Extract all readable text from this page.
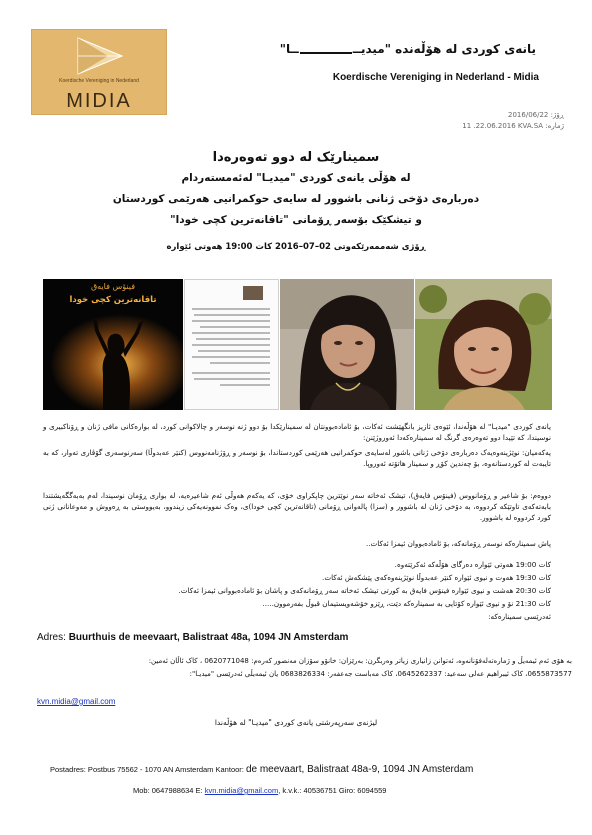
Koerdische Vereniging in Nederland
MIDIA
یانەی کوردی لە هۆڵەندە "میدیــــا"
Koerdische Vereniging in Nederland - Midia
2016/06/22 :ڕۆژ
11 .22.06.2016 KVA.SA :ژمارە
سمینارێک لە دوو تەوەرەدا
لە هۆڵی یانەی کوردی "میدیـا" لەئەمستەردام
دەربارەی دۆخی ژنانی باشوور لە سایەی حوکمرانیی هەرێمی کوردستان
و تیشکێک بۆسەر ڕۆمانی "تاقانەترین کچی خودا"
ڕۆژی شەممەرێکەوتی 02–07–2016 کات 19:00 ھەوتی ئێوارە
فینۆس فایەق
تاقانەترین کچی خودا

یانەی کوردی "میدیـا" لە هۆڵەندا، ئێوەی ئازیز بانگهێشت ئەکات، بۆ ئامادەبوونتان لە سمینارێکدا بۆ دوو ژنە نوسەر و چالاکوانی کورد، لە بوارەکانی مافی ژنان و ڕۆناکبیری و نوسیندا، کە تێیدا دوو تەوەرەی گرنگ لە سمینارەکەدا ئەوروژێنن:

یەکەمیان: نوێژینەوەیەک دەربارەی دۆخی ژنانی باشور لەسایەی حوکمرانیی هەرێمی کوردستاندا، بۆ نوسەر و ڕۆژنامەنووس (کنێر عەبدوڵا) سەرنوسەری گۆڤاری تەوار، کە بە تایبەت لە کوردستانەوە، بۆ چەندین کۆڕ و سمینار هاتۆتە ئەوروپا.

دووەم: بۆ شاعیر و ڕۆمانووس (فینۆس فایەق)، تیشک ئەخاتە سەر نوێترین چاپکراوی خۆی، کە یەکەم هەوڵی ئەم شاعیرەیە، لە بواری ڕۆمان نوسیندا، لەم بەبەگگەیشتندا بابەتەکەی تاوتێکە کردووە، بە دۆخی ژنان لە باشوور و (سزا) پالەوانی ڕۆمانی (تاقانەترین کچی خودا)ی، وەک نموونەیەکی زیندوو، بەیووستی بە ڕەووش و مەوعانانی ژنی کورد کردووە لە باشوور.

پاش سمینارەکە نوسەر ڕۆمانەکە، بۆ ئامادەبووان ئیمزا ئەکات..
کات 19:00 ھەوتی ئێوارە دەرگای هۆڵەکە ئەکرێتەوە.
کات 19:30 ھەوت و نیوی ئێوارە کنێر عەبدوڵا نوێژینەوەکەی پێشکەش ئەکات.
کات 20:30 هەشت و نیوی ئێوارە فینۆس فایەق بە کورتی تیشک ئەخاتە سەر ڕۆمانەکەی و پاشان بۆ ئامادەبووانی ئیمزا ئەکات.
کات 21:30 نۆ و نیوی ئێوارە کۆتایی بە سمینارەکە دێت، ڕێزو خۆشەویستیمان قبوڵ بفەرموون.....
ئەدرێسی سمینارەکە:
Adres: Buurthuis de meevaart, Balistraat 48a, 1094 JN Amsterdam
بە هۆی ئەم ئیمەیڵ و ژمارەتەلەفۆنانەوە، ئەتوانن زانیاری زیاتر وەربگرن: بەرێزان: خانۆو سۆزان مەنصور کەرەم: 0620771048 ، کاک ئاڵان ئەمین:
0655873577، کاک ئیبراهیم عەلی سەعید: 0645262337، کاک مەباست جەعفەر: 0683826334 یان ئیمەیڵی ئەدرێسی "میدیـا":
kvn.midia@gmail.com
لیژنەی سەرپەرشتی یانەی کوردی "میدیـا" لە هۆڵەندا
Postadres: Postbus 75562 - 1070 AN Amsterdam Kantoor: de meevaart, Balistraat 48a-9, 1094 JN Amsterdam
Mob: 0647988634 E: kvn.midia@gmail.com, k.v.k.: 40536751 Giro: 6094559
